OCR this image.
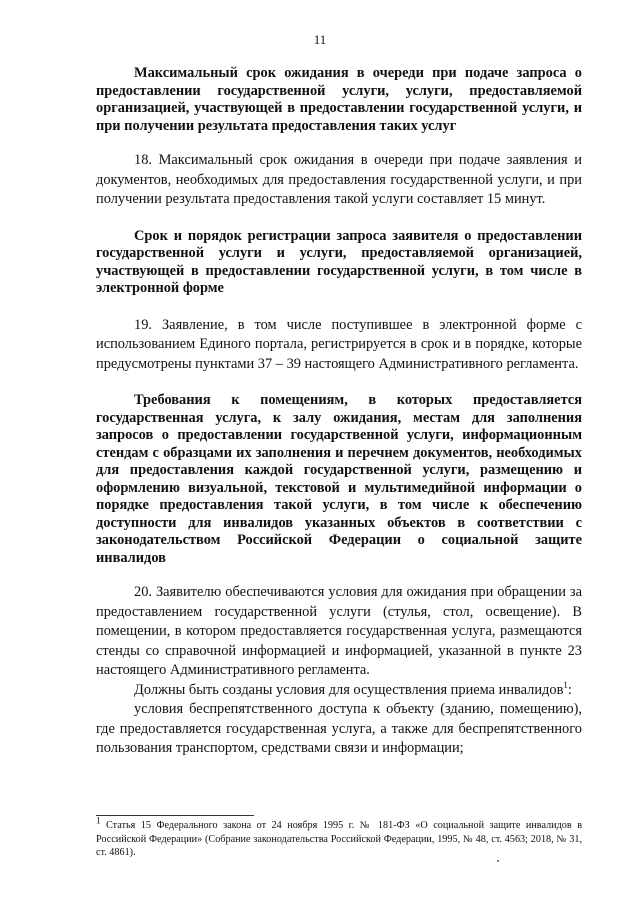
11

Максимальный срок ожидания в очереди при подаче запроса о предоставлении государственной услуги, услуги, предоставляемой организацией, участвующей в предоставлении государственной услуги, и при получении результата предоставления таких услуг

18. Максимальный срок ожидания в очереди при подаче заявления и документов, необходимых для предоставления государственной услуги, и при получении результата предоставления такой услуги составляет 15 минут.

Срок и порядок регистрации запроса заявителя о предоставлении государственной услуги и услуги, предоставляемой организацией, участвующей в предоставлении государственной услуги, в том числе в электронной форме

19. Заявление, в том числе поступившее в электронной форме с использованием Единого портала, регистрируется в срок и в порядке, которые предусмотрены пунктами 37 – 39 настоящего Административного регламента.

Требования к помещениям, в которых предоставляется государственная услуга, к залу ожидания, местам для заполнения запросов о предоставлении государственной услуги, информационным стендам с образцами их заполнения и перечнем документов, необходимых для предоставления каждой государственной услуги, размещению и оформлению визуальной, текстовой и мультимедийной информации о порядке предоставления такой услуги, в том числе к обеспечению доступности для инвалидов указанных объектов в соответствии с законодательством Российской Федерации о социальной защите инвалидов

20. Заявителю обеспечиваются условия для ожидания при обращении за предоставлением государственной услуги (стулья, стол, освещение). В помещении, в котором предоставляется государственная услуга, размещаются стенды со справочной информацией и информацией, указанной в пункте 23 настоящего Административного регламента.

Должны быть созданы условия для осуществления приема инвалидов$^1$:

условия беспрепятственного доступа к объекту (зданию, помещению), где предоставляется государственная услуга, а также для беспрепятственного пользования транспортом, средствами связи и информации;

$^1$ Статья 15 Федерального закона от 24 ноября 1995 г. № 181-ФЗ «О социальной защите инвалидов в Российской Федерации» (Собрание законодательства Российской Федерации, 1995, № 48, ст. 4563; 2018, № 31, ст. 4861).
